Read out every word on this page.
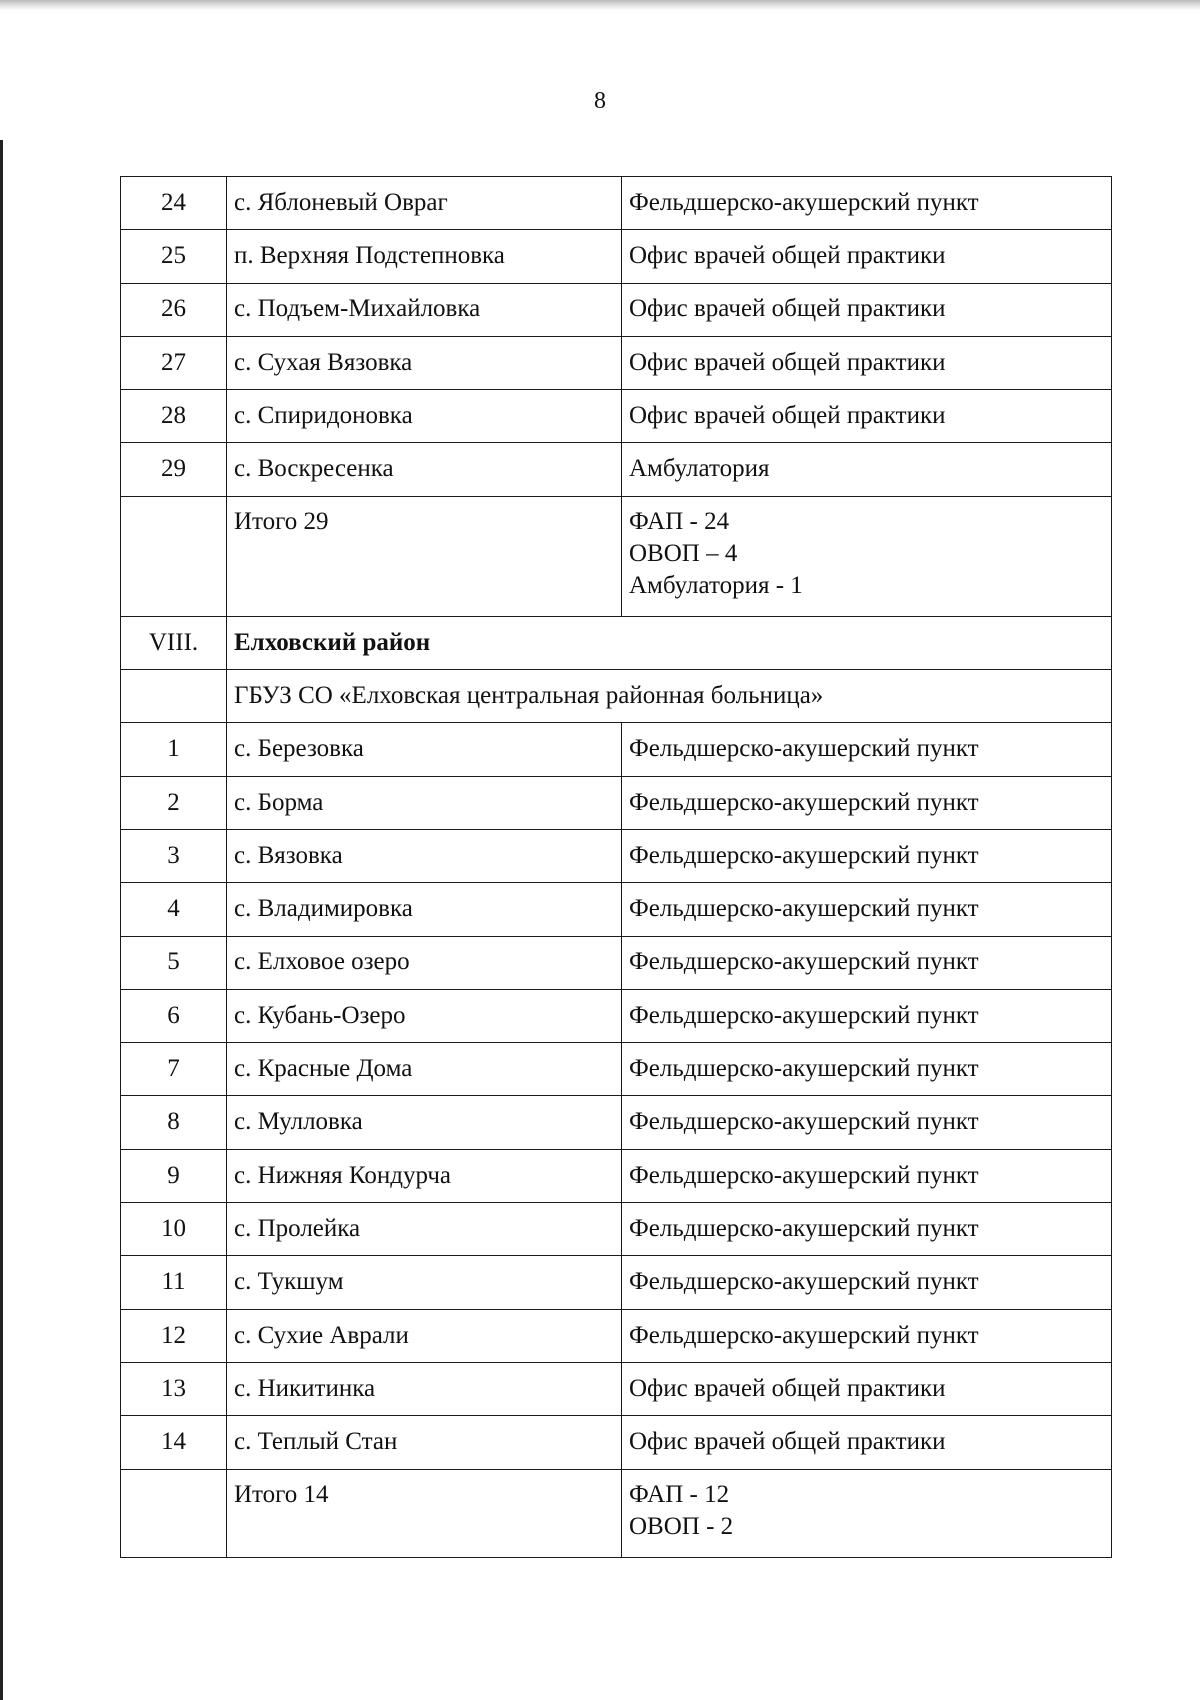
8
24	с. Яблоневый Овраг	Фельдшерско-акушерский пункт
25	п. Верхняя Подстепновка	Офис врачей общей практики
26	с. Подъем-Михайловка	Офис врачей общей практики
27	с. Сухая Вязовка	Офис врачей общей практики
28	с. Спиридоновка	Офис врачей общей практики
29	с. Воскресенка	Амбулатория
	Итого 29	ФАП - 24
ОВОП – 4
Амбулатория - 1

VIII.	Елховский район	
	ГБУЗ СО «Елховская центральная районная больница»	
1	с. Березовка	Фельдшерско-акушерский пункт
2	с. Борма	Фельдшерско-акушерский пункт
3	с. Вязовка	Фельдшерско-акушерский пункт
4	с. Владимировка	Фельдшерско-акушерский пункт
5	с. Елховое озеро	Фельдшерско-акушерский пункт
6	с. Кубань-Озеро	Фельдшерско-акушерский пункт
7	с. Красные Дома	Фельдшерско-акушерский пункт
8	с. Мулловка	Фельдшерско-акушерский пункт
9	с. Нижняя Кондурча	Фельдшерско-акушерский пункт
10	с. Пролейка	Фельдшерско-акушерский пункт
11	с. Тукшум	Фельдшерско-акушерский пункт
12	с. Сухие Аврали	Фельдшерско-акушерский пункт
13	с. Никитинка	Офис врачей общей практики
14	с. Теплый Стан	Офис врачей общей практики
	Итого 14	ФАП - 12
ОВОП - 2
